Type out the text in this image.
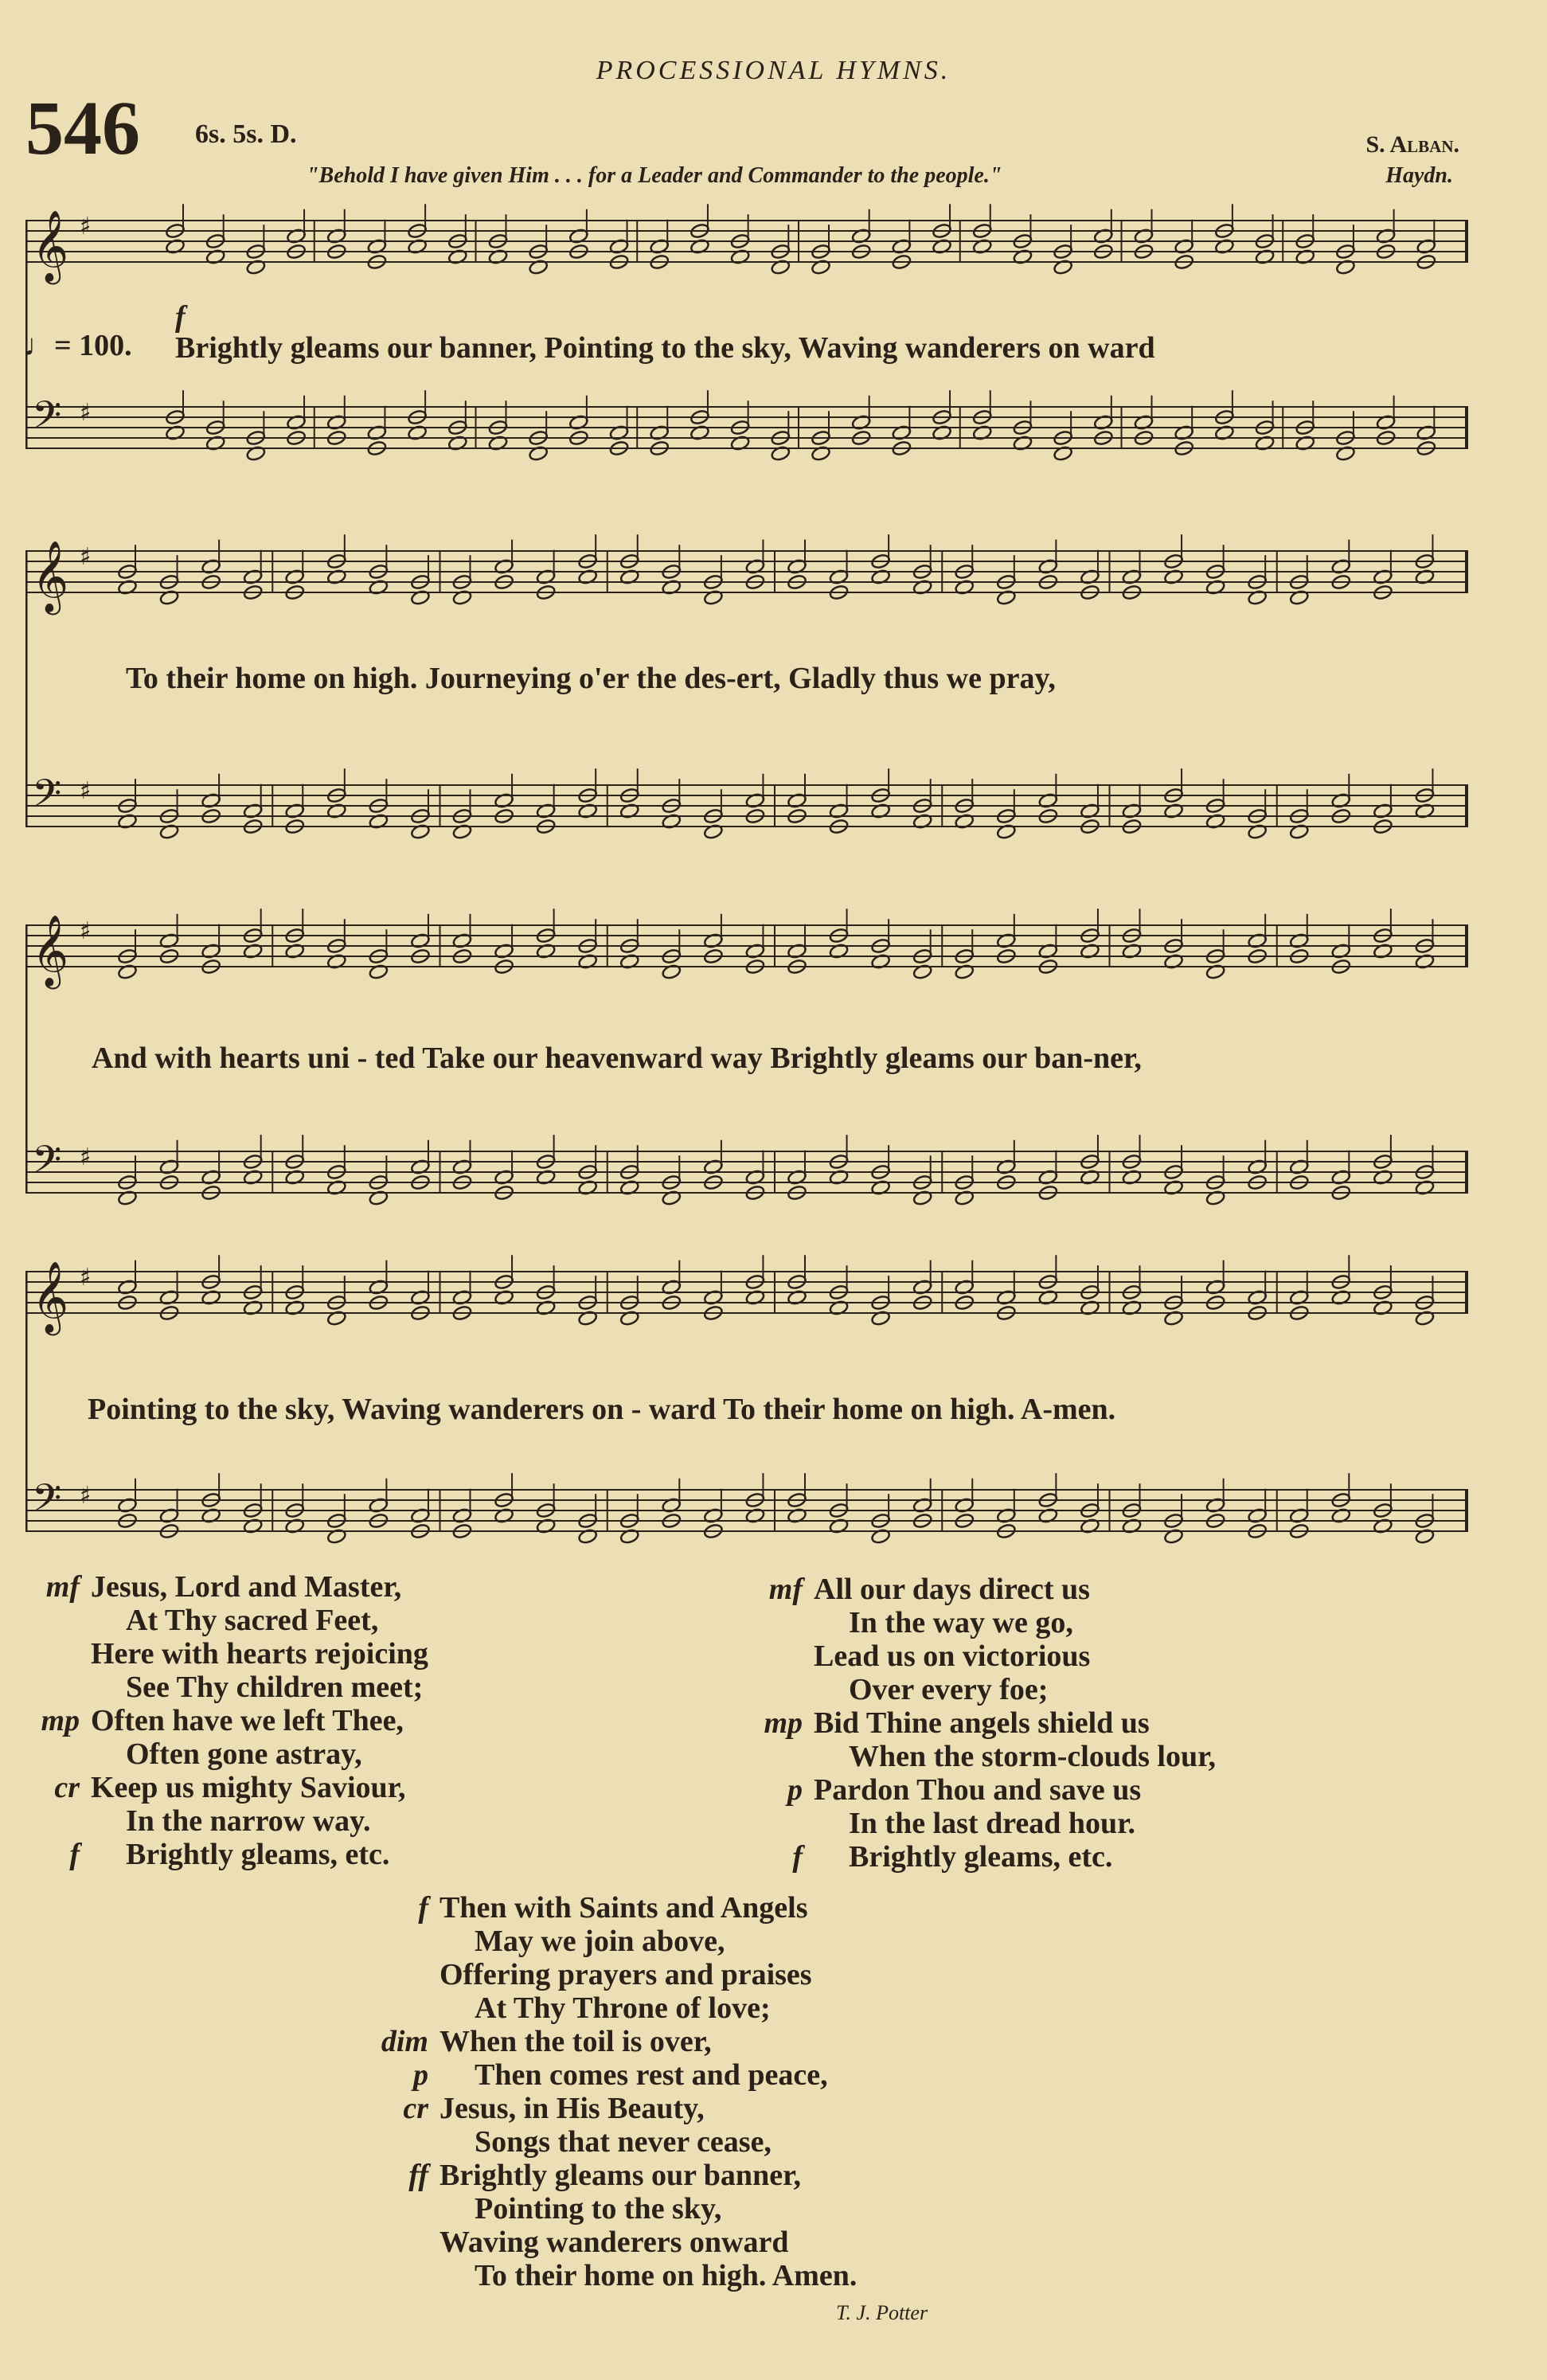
PROCESSIONAL HYMNS.
546 6s. 5s. D.	S. Alban.
"Behold I have given Him . . . for a Leader and Commander to the people."	Haydn.
𝄞 ♯
𝄢 ♯
𝄞 ♯
𝄢 ♯
𝄞 ♯
𝄢 ♯
𝄞 ♯
𝄢 ♯
f
♩= 100. Brightly gleams our banner, Pointing to the sky, Waving wanderers on ward
To their home on high. Journeying o'er the des-ert, Gladly thus we pray,
And with hearts uni - ted Take our heavenward way Brightly gleams our ban-ner,
Pointing to the sky, Waving wanderers on - ward To their home on high. A-men.
mf Jesus, Lord and Master,
At Thy sacred Feet,
Here with hearts rejoicing
See Thy children meet;
mp Often have we left Thee,
Often gone astray,
cr Keep us mighty Saviour,
In the narrow way.
f Brightly gleams, etc.
mf All our days direct us
In the way we go,
Lead us on victorious
Over every foe;
mp Bid Thine angels shield us
When the storm-clouds lour,
p Pardon Thou and save us
In the last dread hour.
f Brightly gleams, etc.
f Then with Saints and Angels
May we join above,
Offering prayers and praises
At Thy Throne of love;
dim When the toil is over,
p Then comes rest and peace,
cr Jesus, in His Beauty,
Songs that never cease,
ff Brightly gleams our banner,
Pointing to the sky,
Waving wanderers onward
To their home on high. Amen.
T. J. Potter
